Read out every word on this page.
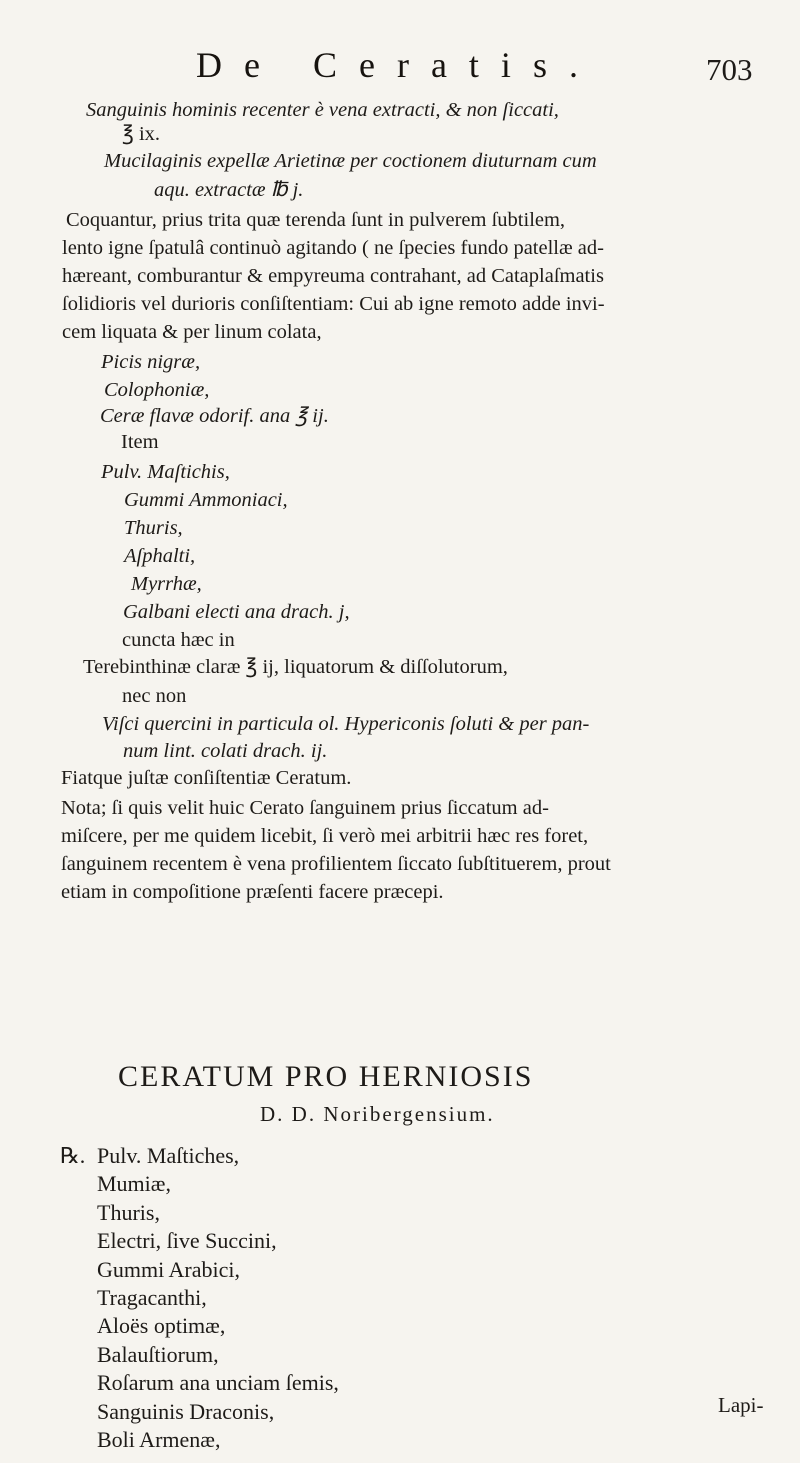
De Ceratis.	703
Sanguinis hominis recenter è vena extracti, & non ſiccati,
℥ ix.
Mucilaginis expellæ Arietinæ per coctionem diuturnam cum
aqu. extractæ ℔ j.
Coquantur, prius trita quæ terenda ſunt in pulverem ſubtilem,
lento igne ſpatulâ continuò agitando ( ne ſpecies fundo patellæ ad-
hæreant, comburantur & empyreuma contrahant, ad Cataplaſmatis
ſolidioris vel durioris conſiſtentiam: Cui ab igne remoto adde invi-
cem liquata & per linum colata,
Picis nigræ,
Colophoniæ,
Ceræ flavæ odorif. ana ℥ ij.
Item
Pulv. Maſtichis,
Gummi Ammoniaci,
Thuris,
Aſphalti,
Myrrhæ,
Galbani electi ana drach. j,
cuncta hæc in
Terebinthinæ claræ ℥ ij, liquatorum & diſſolutorum,
nec non
Viſci quercini in particula ol. Hypericonis ſoluti & per pan-
num lint. colati drach. ij.
Fiatque juſtæ conſiſtentiæ Ceratum.
Nota; ſi quis velit huic Cerato ſanguinem prius ſiccatum ad-
miſcere, per me quidem licebit, ſi verò mei arbitrii hæc res foret,
ſanguinem recentem è vena profilientem ſiccato ſubſtituerem, prout
etiam in compoſitione præſenti facere præcepi.
CERATUM PRO HERNIOSIS
D. D. Noribergensium.
℞. Pulv. Maſtiches,
Mumiæ,
Thuris,
Electri, ſive Succini,
Gummi Arabici,
Tragacanthi,
Aloës optimæ,
Balauſtiorum,
Roſarum ana unciam ſemis,
Sanguinis Draconis,
Boli Armenæ,
Lapi-
